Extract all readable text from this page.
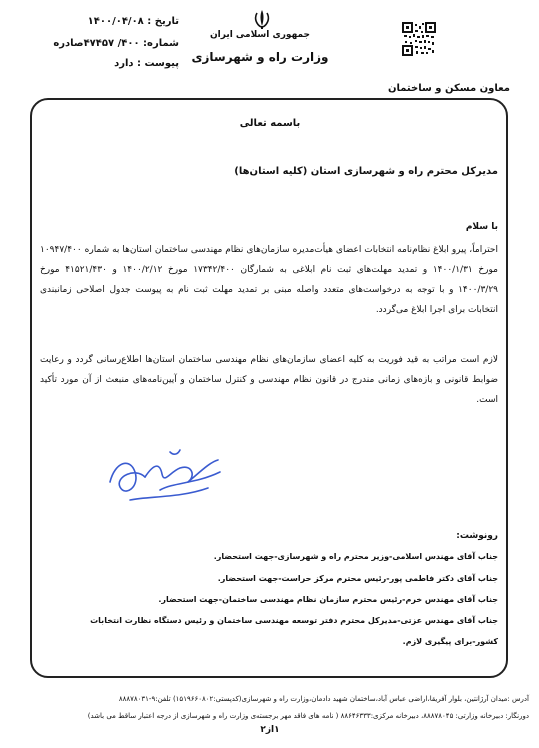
تاریخ : ۱۴۰۰/۰۴/۰۸
شماره: ۴۰۰/ ۴۷۴۵۷صادره
پیوست : دارد
جمهوری اسلامی ایران
وزارت راه و شهرسازی
معاون مسکن و ساختمان
باسمه تعالی
مدیرکل محترم راه و شهرسازی استان (کلیه استان‌ها)
با سلام
احتراماً، پیرو ابلاغ نظام‌نامه انتخابات اعضای هیأت‌مدیره سازمان‌های نظام مهندسی ساختمان استان‌ها به شماره ۱۰۹۴۷/۴۰۰ مورخ ۱۴۰۰/۱/۳۱ و تمدید مهلت‌های ثبت نام ابلاغی به شمارگان ۱۷۳۴۲/۴۰۰ مورخ ۱۴۰۰/۲/۱۲ و ۴۱۵۲۱/۴۳۰ مورخ ۱۴۰۰/۳/۲۹ و با توجه به درخواست‌های متعدد واصله مبنی بر تمدید مهلت ثبت نام به پیوست جدول اصلاحی زمانبندی انتخابات برای اجرا ابلاغ می‌گردد.
لازم است مراتب به قید فوریت به کلیه اعضای سازمان‌های نظام مهندسی ساختمان استان‌ها اطلاع‌رسانی گردد و رعایت ضوابط قانونی و بازه‌های زمانی مندرج در قانون نظام مهندسی و کنترل ساختمان و آیین‌نامه‌های منبعث از آن مورد تأکید است.
رونوشت:
جناب آقای مهندس اسلامی-وزیر محترم راه و شهرسازی-جهت استحضار.
جناب آقای دکتر فاطمی پور-رئیس محترم مرکز حراست-جهت استحضار.
جناب آقای مهندس خرم-رئیس محترم سازمان نظام مهندسی ساختمان-جهت استحضار.
جناب آقای مهندس عزتی-مدیرکل محترم دفتر توسعه مهندسی ساختمان و رئیس دستگاه نظارت انتخابات
کشور-برای پیگیری لازم.
آدرس :میدان آرژانتین، بلوار آفریقا،اراضی عباس آباد،ساختمان شهید دادمان،وزارت راه و شهرسازی(کدپستی:۱۵۱۹۶۶۰۸۰۲) تلفن:۹-۸۸۸۷۸۰۳۱
دورنگار: دبیرخانه وزارتی: ۸۸۸۷۸۰۴۵، دبیرخانه مرکزی:۸۸۶۴۶۳۳۳ ( نامه های فاقد مهر برجسته‌ی وزارت راه و شهرسازی از درجه اعتبار ساقط می باشد)
۱از۲
